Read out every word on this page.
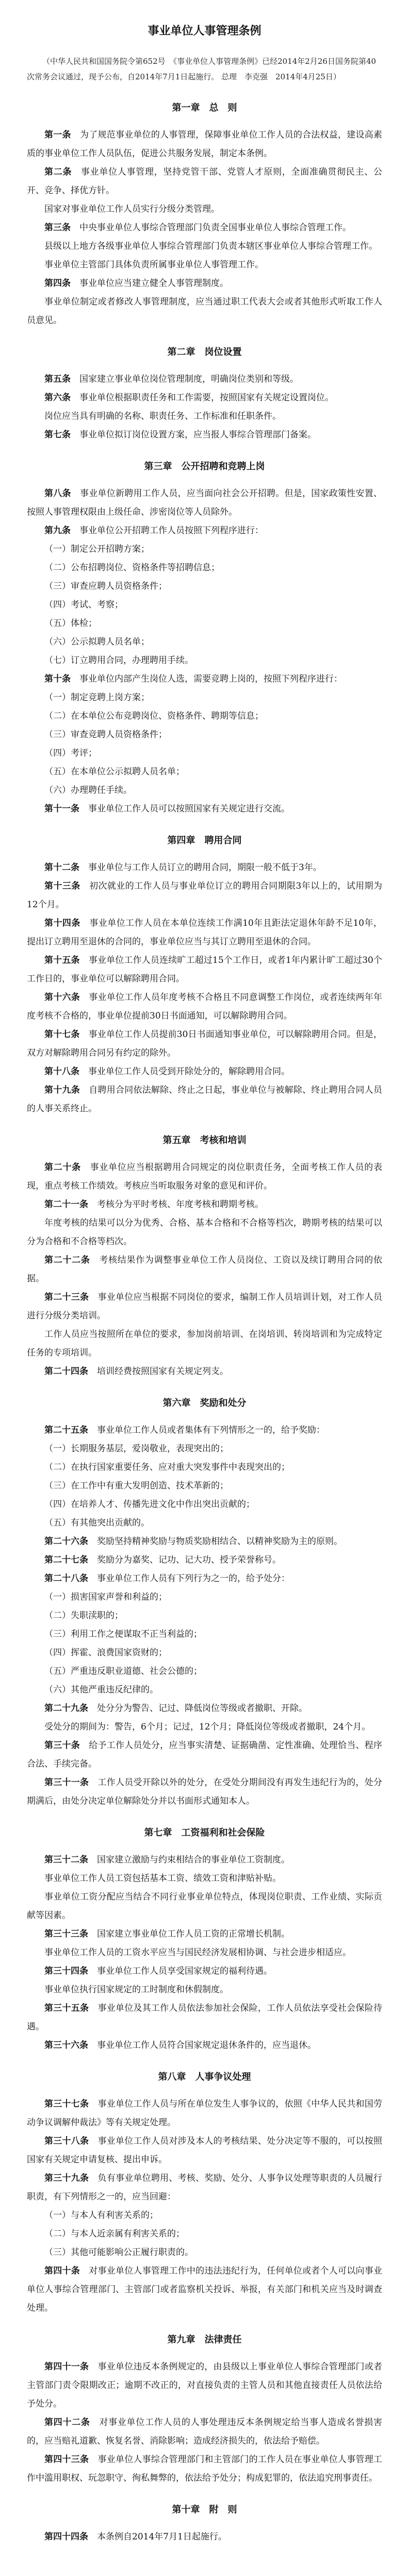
事业单位人事管理条例

（中华人民共和国国务院令第652号　《事业单位人事管理条例》已经2014年2月26日国务院第40次常务会议通过，现予公布，自2014年7月1日起施行。 总理　李克强　2014年4月25日）

第一章　总　则

第一条　 为了规范事业单位的人事管理，保障事业单位工作人员的合法权益，建设高素质的事业单位工作人员队伍，促进公共服务发展，制定本条例。

第二条　 事业单位人事管理，坚持党管干部、党管人才原则，全面准确贯彻民主、公开、竞争、择优方针。

国家对事业单位工作人员实行分级分类管理。

第三条　 中央事业单位人事综合管理部门负责全国事业单位人事综合管理工作。

县级以上地方各级事业单位人事综合管理部门负责本辖区事业单位人事综合管理工作。

事业单位主管部门具体负责所属事业单位人事管理工作。

第四条　 事业单位应当建立健全人事管理制度。

事业单位制定或者修改人事管理制度，应当通过职工代表大会或者其他形式听取工作人员意见。

第二章　岗位设置

第五条　 国家建立事业单位岗位管理制度，明确岗位类别和等级。

第六条　 事业单位根据职责任务和工作需要，按照国家有关规定设置岗位。

岗位应当具有明确的名称、职责任务、工作标准和任职条件。

第七条　 事业单位拟订岗位设置方案，应当报人事综合管理部门备案。

第三章　公开招聘和竞聘上岗

第八条　 事业单位新聘用工作人员，应当面向社会公开招聘。但是，国家政策性安置、按照人事管理权限由上级任命、涉密岗位等人员除外。

第九条　 事业单位公开招聘工作人员按照下列程序进行：

（一）制定公开招聘方案；

（二）公布招聘岗位、资格条件等招聘信息；

（三）审查应聘人员资格条件；

（四）考试、考察；

（五）体检；

（六）公示拟聘人员名单；

（七）订立聘用合同，办理聘用手续。

第十条　 事业单位内部产生岗位人选，需要竞聘上岗的，按照下列程序进行：

（一）制定竞聘上岗方案；

（二）在本单位公布竞聘岗位、资格条件、聘期等信息；

（三）审查竞聘人员资格条件；

（四）考评；

（五）在本单位公示拟聘人员名单；

（六）办理聘任手续。

第十一条　 事业单位工作人员可以按照国家有关规定进行交流。

第四章　聘用合同

第十二条　 事业单位与工作人员订立的聘用合同，期限一般不低于3年。

第十三条　 初次就业的工作人员与事业单位订立的聘用合同期限3年以上的，试用期为12个月。

第十四条　 事业单位工作人员在本单位连续工作满10年且距法定退休年龄不足10年，提出订立聘用至退休的合同的，事业单位应当与其订立聘用至退休的合同。

第十五条　 事业单位工作人员连续旷工超过15个工作日，或者1年内累计旷工超过30个工作日的，事业单位可以解除聘用合同。

第十六条　 事业单位工作人员年度考核不合格且不同意调整工作岗位，或者连续两年年度考核不合格的，事业单位提前30日书面通知，可以解除聘用合同。

第十七条　 事业单位工作人员提前30日书面通知事业单位，可以解除聘用合同。但是，双方对解除聘用合同另有约定的除外。

第十八条　 事业单位工作人员受到开除处分的，解除聘用合同。

第十九条　 自聘用合同依法解除、终止之日起，事业单位与被解除、终止聘用合同人员的人事关系终止。

第五章　考核和培训

第二十条　 事业单位应当根据聘用合同规定的岗位职责任务，全面考核工作人员的表现，重点考核工作绩效。考核应当听取服务对象的意见和评价。

第二十一条　 考核分为平时考核、年度考核和聘期考核。

年度考核的结果可以分为优秀、合格、基本合格和不合格等档次，聘期考核的结果可以分为合格和不合格等档次。

第二十二条　 考核结果作为调整事业单位工作人员岗位、工资以及续订聘用合同的依据。

第二十三条　 事业单位应当根据不同岗位的要求，编制工作人员培训计划，对工作人员进行分级分类培训。

工作人员应当按照所在单位的要求，参加岗前培训、在岗培训、转岗培训和为完成特定任务的专项培训。

第二十四条　 培训经费按照国家有关规定列支。

第六章　奖励和处分

第二十五条　 事业单位工作人员或者集体有下列情形之一的，给予奖励：

（一）长期服务基层，爱岗敬业，表现突出的；

（二）在执行国家重要任务、应对重大突发事件中表现突出的；

（三）在工作中有重大发明创造、技术革新的；

（四）在培养人才、传播先进文化中作出突出贡献的；

（五）有其他突出贡献的。

第二十六条　 奖励坚持精神奖励与物质奖励相结合、以精神奖励为主的原则。

第二十七条　 奖励分为嘉奖、记功、记大功、授予荣誉称号。

第二十八条　 事业单位工作人员有下列行为之一的，给予处分：

（一）损害国家声誉和利益的；

（二）失职渎职的；

（三）利用工作之便谋取不正当利益的；

（四）挥霍、浪费国家资财的；

（五）严重违反职业道德、社会公德的；

（六）其他严重违反纪律的。

第二十九条　 处分分为警告、记过、降低岗位等级或者撤职、开除。

受处分的期间为：警告，6个月；记过，12个月；降低岗位等级或者撤职，24个月。

第三十条　 给予工作人员处分，应当事实清楚、证据确凿、定性准确、处理恰当、程序合法、手续完备。

第三十一条　 工作人员受开除以外的处分，在受处分期间没有再发生违纪行为的，处分期满后，由处分决定单位解除处分并以书面形式通知本人。

第七章　工资福利和社会保险

第三十二条　 国家建立激励与约束相结合的事业单位工资制度。

事业单位工作人员工资包括基本工资、绩效工资和津贴补贴。

事业单位工资分配应当结合不同行业事业单位特点，体现岗位职责、工作业绩、实际贡献等因素。

第三十三条　 国家建立事业单位工作人员工资的正常增长机制。

事业单位工作人员的工资水平应当与国民经济发展相协调、与社会进步相适应。

第三十四条　 事业单位工作人员享受国家规定的福利待遇。

事业单位执行国家规定的工时制度和休假制度。

第三十五条　 事业单位及其工作人员依法参加社会保险，工作人员依法享受社会保险待遇。

第三十六条　 事业单位工作人员符合国家规定退休条件的，应当退休。

第八章　人事争议处理

第三十七条　 事业单位工作人员与所在单位发生人事争议的，依照《中华人民共和国劳动争议调解仲裁法》等有关规定处理。

第三十八条　 事业单位工作人员对涉及本人的考核结果、处分决定等不服的，可以按照国家有关规定申请复核、提出申诉。

第三十九条　 负有事业单位聘用、考核、奖励、处分、人事争议处理等职责的人员履行职责，有下列情形之一的，应当回避：

（一）与本人有利害关系的；

（二）与本人近亲属有利害关系的；

（三）其他可能影响公正履行职责的。

第四十条　 对事业单位人事管理工作中的违法违纪行为，任何单位或者个人可以向事业单位人事综合管理部门、主管部门或者监察机关投诉、举报，有关部门和机关应当及时调查处理。

第九章　法律责任

第四十一条　 事业单位违反本条例规定的，由县级以上事业单位人事综合管理部门或者主管部门责令限期改正；逾期不改正的，对直接负责的主管人员和其他直接责任人员依法给予处分。

第四十二条　 对事业单位工作人员的人事处理违反本条例规定给当事人造成名誉损害的，应当赔礼道歉、恢复名誉、消除影响；造成经济损失的，依法给予赔偿。

第四十三条　 事业单位人事综合管理部门和主管部门的工作人员在事业单位人事管理工作中滥用职权、玩忽职守、徇私舞弊的，依法给予处分；构成犯罪的，依法追究刑事责任。

第十章　附　则

第四十四条　 本条例自2014年7月1日起施行。
